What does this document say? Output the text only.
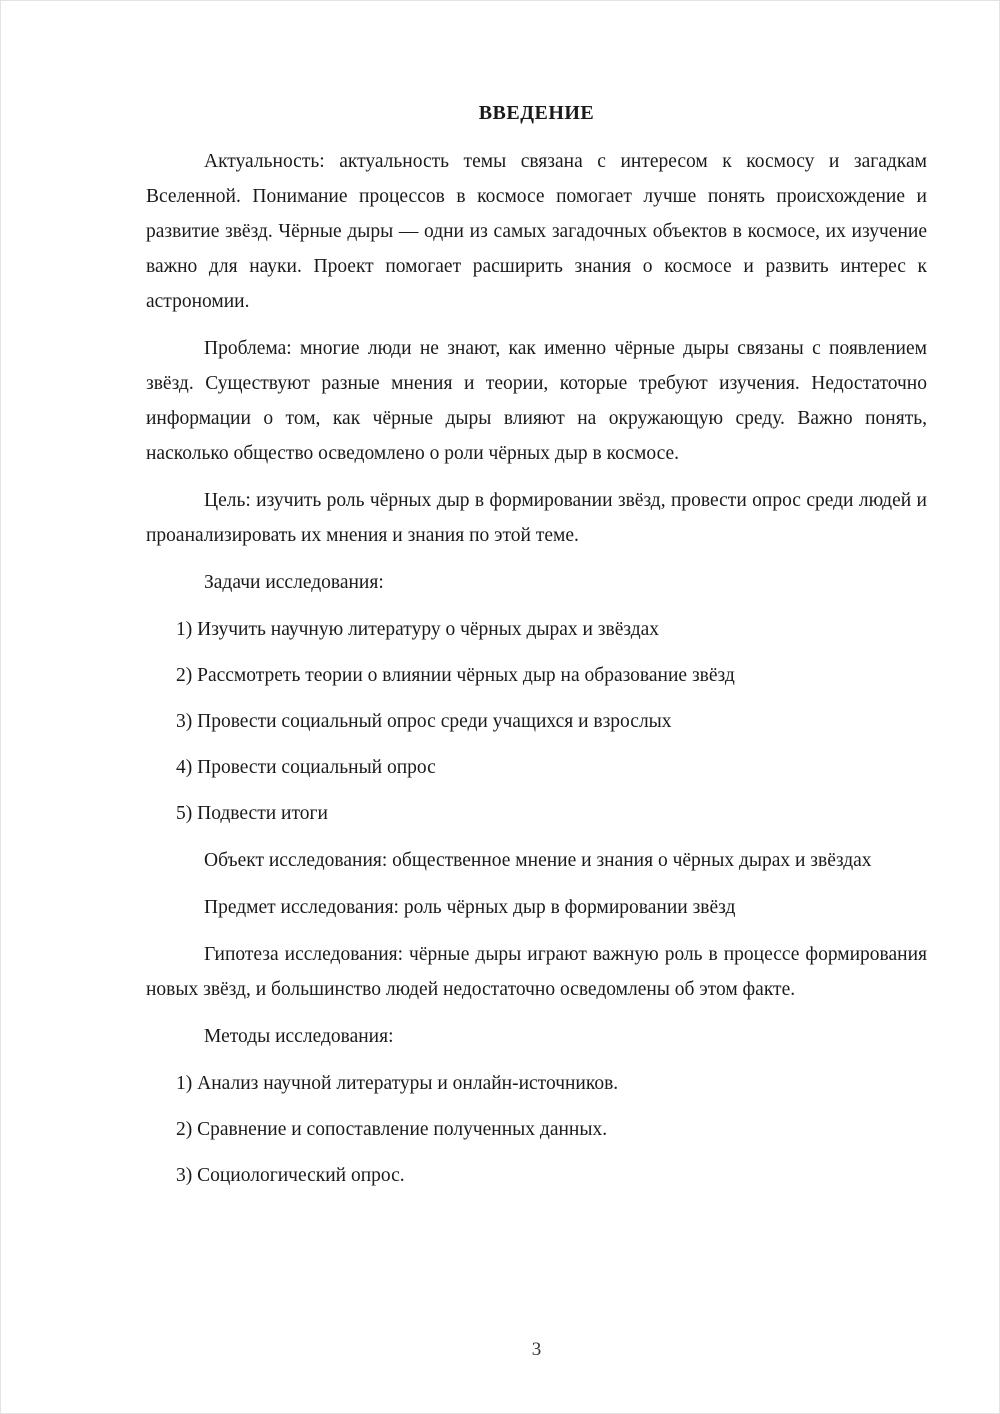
ВВЕДЕНИЕ

Актуальность: актуальность темы связана с интересом к космосу и загадкам Вселенной. Понимание процессов в космосе помогает лучше понять происхождение и развитие звёзд. Чёрные дыры — одни из самых загадочных объектов в космосе, их изучение важно для науки. Проект помогает расширить знания о космосе и развить интерес к астрономии.

Проблема: многие люди не знают, как именно чёрные дыры связаны с появлением звёзд. Существуют разные мнения и теории, которые требуют изучения. Недостаточно информации о том, как чёрные дыры влияют на окружающую среду. Важно понять, насколько общество осведомлено о роли чёрных дыр в космосе.

Цель: изучить роль чёрных дыр в формировании звёзд, провести опрос среди людей и проанализировать их мнения и знания по этой теме.

Задачи исследования:

1) Изучить научную литературу о чёрных дырах и звёздах
2) Рассмотреть теории о влиянии чёрных дыр на образование звёзд
3) Провести социальный опрос среди учащихся и взрослых
4) Провести социальный опрос
5) Подвести итоги

Объект исследования: общественное мнение и знания о чёрных дырах и звёздах

Предмет исследования: роль чёрных дыр в формировании звёзд

Гипотеза исследования: чёрные дыры играют важную роль в процессе формирования новых звёзд, и большинство людей недостаточно осведомлены об этом факте.

Методы исследования:

1) Анализ научной литературы и онлайн-источников.
2) Сравнение и сопоставление полученных данных.
3) Социологический опрос.
3
